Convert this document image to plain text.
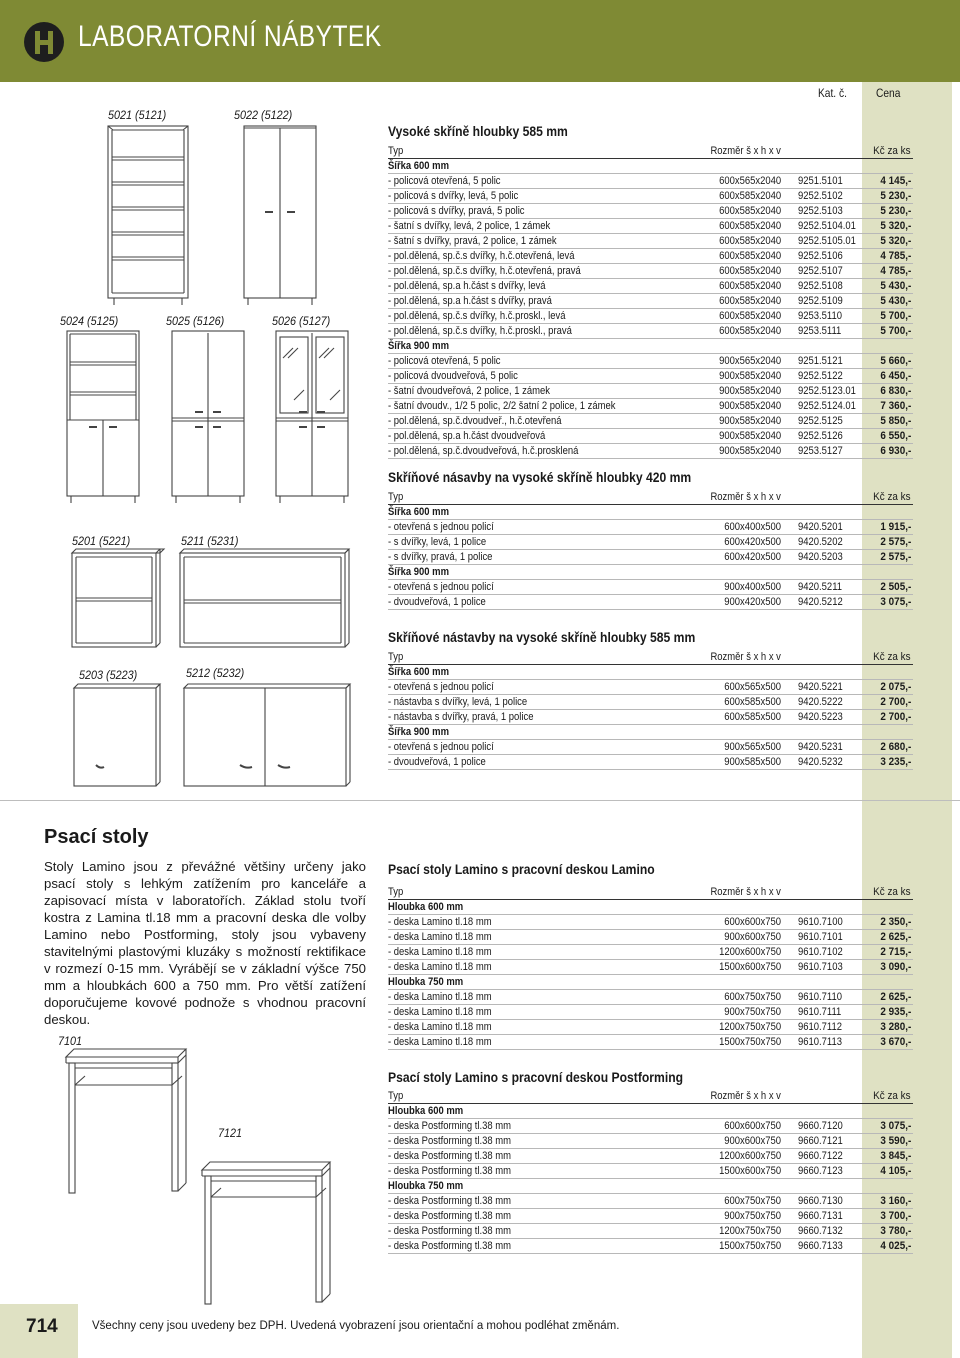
LABORATORNÍ NÁBYTEK
Kat. č. Cena
5021 (5121)	5022 (5122)
5024 (5125)	5025 (5126)	5026 (5127)
5201 (5221)	5211 (5231)
5203 (5223)	5212 (5232)
7101
7121
Vysoké skříně hloubky 585 mm
Typ	Rozměr š x h x v	Kč za ks
Šířka 600 mm
- policová otevřená, 5 polic	600x565x2040 9251.5101	4 145,-
- policová s dvířky, levá, 5 polic	600x585x2040 9252.5102	5 230,-
- policová s dvířky, pravá, 5 polic	600x585x2040 9252.5103	5 230,-
- šatní s dvířky, levá, 2 police, 1 zámek	600x585x2040 9252.5104.01	5 320,-
- šatní s dvířky, pravá, 2 police, 1 zámek	600x585x2040 9252.5105.01	5 320,-
- pol.dělená, sp.č.s dvířky, h.č.otevřená, levá	600x585x2040 9252.5106	4 785,-
- pol.dělená, sp.č.s dvířky, h.č.otevřená, pravá	600x585x2040 9252.5107	4 785,-
- pol.dělená, sp.a h.část s dvířky, levá	600x585x2040 9252.5108	5 430,-
- pol.dělená, sp.a h.část s dvířky, pravá	600x585x2040 9252.5109	5 430,-
- pol.dělená, sp.č.s dvířky, h.č.proskl., levá	600x585x2040 9253.5110	5 700,-
- pol.dělená, sp.č.s dvířky, h.č.proskl., pravá	600x585x2040 9253.5111	5 700,-
Šířka 900 mm
- policová otevřená, 5 polic	900x565x2040 9251.5121	5 660,-
- policová dvoudveřová, 5 polic	900x585x2040 9252.5122	6 450,-
- šatní dvoudveřová, 2 police, 1 zámek	900x585x2040 9252.5123.01	6 830,-
- šatní dvoudv., 1/2 5 polic, 2/2 šatní 2 police, 1 zámek	900x585x2040 9252.5124.01	7 360,-
- pol.dělená, sp.č.dvoudveř., h.č.otevřená	900x585x2040 9252.5125	5 850,-
- pol.dělená, sp.a h.část dvoudveřová	900x585x2040 9252.5126	6 550,-
- pol.dělená, sp.č.dvoudveřová, h.č.prosklená	900x585x2040 9253.5127	6 930,-
Skříňové násavby na vysoké skříně hloubky 420 mm
Typ	Rozměr š x h x v	Kč za ks
Šířka 600 mm
- otevřená s jednou policí	600x400x500 9420.5201	1 915,-
- s dvířky, levá, 1 police	600x420x500 9420.5202	2 575,-
- s dvířky, pravá, 1 police	600x420x500 9420.5203	2 575,-
Šířka 900 mm
- otevřená s jednou policí	900x400x500 9420.5211	2 505,-
- dvoudveřová, 1 police	900x420x500 9420.5212	3 075,-
Skříňové nástavby na vysoké skříně hloubky 585 mm
Typ	Rozměr š x h x v	Kč za ks
Šířka 600 mm
- otevřená s jednou policí	600x565x500 9420.5221	2 075,-
- nástavba s dvířky, levá, 1 police	600x585x500 9420.5222	2 700,-
- nástavba s dvířky, pravá, 1 police	600x585x500 9420.5223	2 700,-
Šířka 900 mm
- otevřená s jednou policí	900x565x500 9420.5231	2 680,-
- dvoudveřová, 1 police	900x585x500 9420.5232	3 235,-
Psací stoly
Stoly Lamino jsou z převážné většiny určeny jako psací stoly s lehkým zatížením pro kanceláře a zapisovací místa v laboratořích. Základ stolu tvoří kostra z Lamina tl.18 mm a pracovní deska dle volby Lamino nebo Postforming, stoly jsou vybaveny stavitelnými plastovými kluzáky s možností rektifikace v rozmezí 0-15 mm. Vyrábějí se v základní výšce 750 mm a hloubkách 600 a 750 mm. Pro větší zatížení doporučujeme kovové podnože s vhodnou pracovní deskou.
Psací stoly Lamino s pracovní deskou Lamino
Typ	Rozměr š x h x v	Kč za ks
Hloubka 600 mm
- deska Lamino tl.18 mm	600x600x750 9610.7100	2 350,-
- deska Lamino tl.18 mm	900x600x750 9610.7101	2 625,-
- deska Lamino tl.18 mm	1200x600x750 9610.7102	2 715,-
- deska Lamino tl.18 mm	1500x600x750 9610.7103	3 090,-
Hloubka 750 mm
- deska Lamino tl.18 mm	600x750x750 9610.7110	2 625,-
- deska Lamino tl.18 mm	900x750x750 9610.7111	2 935,-
- deska Lamino tl.18 mm	1200x750x750 9610.7112	3 280,-
- deska Lamino tl.18 mm	1500x750x750 9610.7113	3 670,-
Psací stoly Lamino s pracovní deskou Postforming
Typ	Rozměr š x h x v	Kč za ks
Hloubka 600 mm
- deska Postforming tl.38 mm	600x600x750 9660.7120	3 075,-
- deska Postforming tl.38 mm	900x600x750 9660.7121	3 590,-
- deska Postforming tl.38 mm	1200x600x750 9660.7122	3 845,-
- deska Postforming tl.38 mm	1500x600x750 9660.7123	4 105,-
Hloubka 750 mm
- deska Postforming tl.38 mm	600x750x750 9660.7130	3 160,-
- deska Postforming tl.38 mm	900x750x750 9660.7131	3 700,-
- deska Postforming tl.38 mm	1200x750x750 9660.7132	3 780,-
- deska Postforming tl.38 mm	1500x750x750 9660.7133	4 025,-
714	Všechny ceny jsou uvedeny bez DPH. Uvedená vyobrazení jsou orientační a mohou podléhat změnám.
